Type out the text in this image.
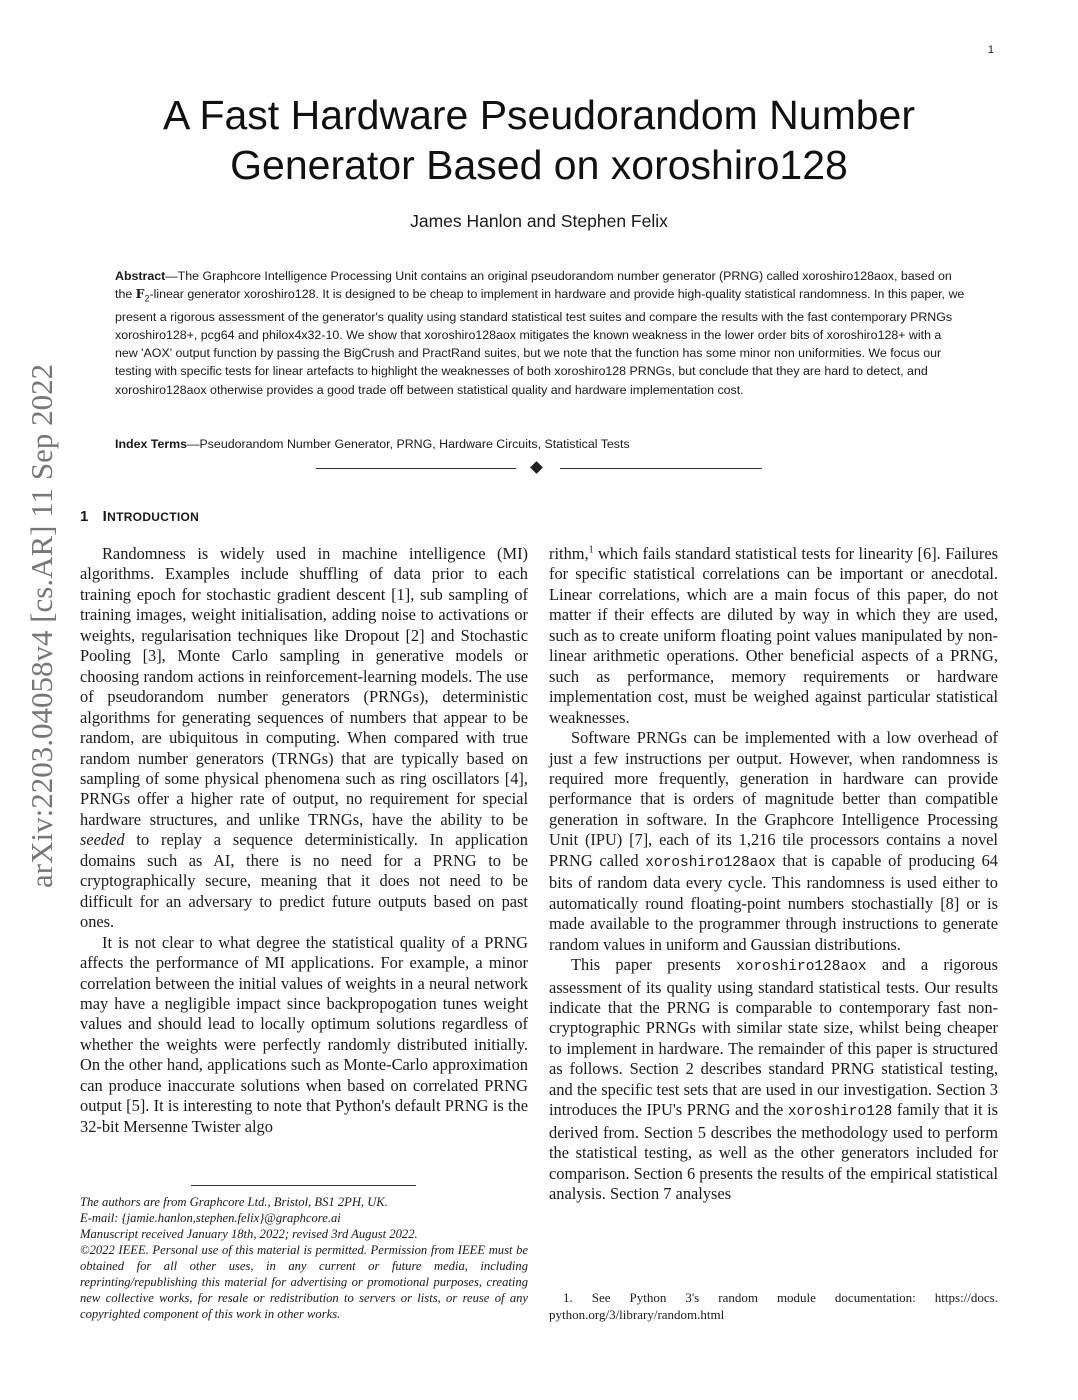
1
arXiv:2203.04058v4 [cs.AR] 11 Sep 2022
A Fast Hardware Pseudorandom Number
Generator Based on xoroshiro128
James Hanlon and Stephen Felix
Abstract—The Graphcore Intelligence Processing Unit contains an original pseudorandom number generator (PRNG) called xoroshiro128aox, based on the $F_2$-linear generator xoroshiro128. It is designed to be cheap to implement in hardware and provide high-quality statistical randomness. In this paper, we present a rigorous assessment of the generator's quality using standard statistical test suites and compare the results with the fast contemporary PRNGs xoroshiro128+, pcg64 and philox4x32-10. We show that xoroshiro128aox mitigates the known weakness in the lower order bits of xoroshiro128+ with a new 'AOX' output function by passing the BigCrush and PractRand suites, but we note that the function has some minor non uniformities. We focus our testing with specific tests for linear artefacts to highlight the weaknesses of both xoroshiro128 PRNGs, but conclude that they are hard to detect, and xoroshiro128aox otherwise provides a good trade off between statistical quality and hardware implementation cost.
Index Terms—Pseudorandom Number Generator, PRNG, Hardware Circuits, Statistical Tests
1 INTRODUCTION

Randomness is widely used in machine intelligence (MI) algorithms. Examples include shuffling of data prior to each training epoch for stochastic gradient descent [1], sub sampling of training images, weight initialisation, adding noise to activations or weights, regularisation techniques like Dropout [2] and Stochastic Pooling [3], Monte Carlo sampling in generative models or choosing random actions in reinforcement-learning models. The use of pseudorandom number generators (PRNGs), deterministic algorithms for generating sequences of numbers that appear to be random, are ubiquitous in computing. When compared with true random number generators (TRNGs) that are typically based on sampling of some physical phenomena such as ring oscillators [4], PRNGs offer a higher rate of output, no requirement for special hardware structures, and unlike TRNGs, have the ability to be seeded to replay a sequence deterministically. In application domains such as AI, there is no need for a PRNG to be cryptographically secure, meaning that it does not need to be difficult for an adversary to predict future outputs based on past ones.

It is not clear to what degree the statistical quality of a PRNG affects the performance of MI applications. For example, a minor correlation between the initial values of weights in a neural network may have a negligible impact since backpropogation tunes weight values and should lead to locally optimum solutions regardless of whether the weights were perfectly randomly distributed initially. On the other hand, applications such as Monte-Carlo approximation can produce inaccurate solutions when based on correlated PRNG output [5]. It is interesting to note that Python's default PRNG is the 32-bit Mersenne Twister algo

rithm,$^1$ which fails standard statistical tests for linearity [6]. Failures for specific statistical correlations can be important or anecdotal. Linear correlations, which are a main focus of this paper, do not matter if their effects are diluted by way in which they are used, such as to create uniform floating point values manipulated by non-linear arithmetic operations. Other beneficial aspects of a PRNG, such as performance, memory requirements or hardware implementation cost, must be weighed against particular statistical weaknesses.

Software PRNGs can be implemented with a low overhead of just a few instructions per output. However, when randomness is required more frequently, generation in hardware can provide performance that is orders of magnitude better than compatible generation in software. In the Graphcore Intelligence Processing Unit (IPU) [7], each of its 1,216 tile processors contains a novel PRNG called xoroshiro128aox that is capable of producing 64 bits of random data every cycle. This randomness is used either to automatically round floating-point numbers stochastially [8] or is made available to the programmer through instructions to generate random values in uniform and Gaussian distributions.

This paper presents xoroshiro128aox and a rigorous assessment of its quality using standard statistical tests. Our results indicate that the PRNG is comparable to contemporary fast non-cryptographic PRNGs with similar state size, whilst being cheaper to implement in hardware. The remainder of this paper is structured as follows. Section 2 describes standard PRNG statistical testing, and the specific test sets that are used in our investigation. Section 3 introduces the IPU's PRNG and the xoroshiro128 family that it is derived from. Section 5 describes the methodology used to perform the statistical testing, as well as the other generators included for comparison. Section 6 presents the results of the empirical statistical analysis. Section 7 analyses

The authors are from Graphcore Ltd., Bristol, BS1 2PH, UK.

E-mail: {jamie.hanlon,stephen.felix}@graphcore.ai

Manuscript received January 18th, 2022; revised 3rd August 2022.

©2022 IEEE. Personal use of this material is permitted. Permission from IEEE must be obtained for all other uses, in any current or future media, including reprinting/republishing this material for advertising or promotional purposes, creating new collective works, for resale or redistribution to servers or lists, or reuse of any copyrighted component of this work in other works.

1. See Python 3's random module documentation: https://docs. python.org/3/library/random.html
